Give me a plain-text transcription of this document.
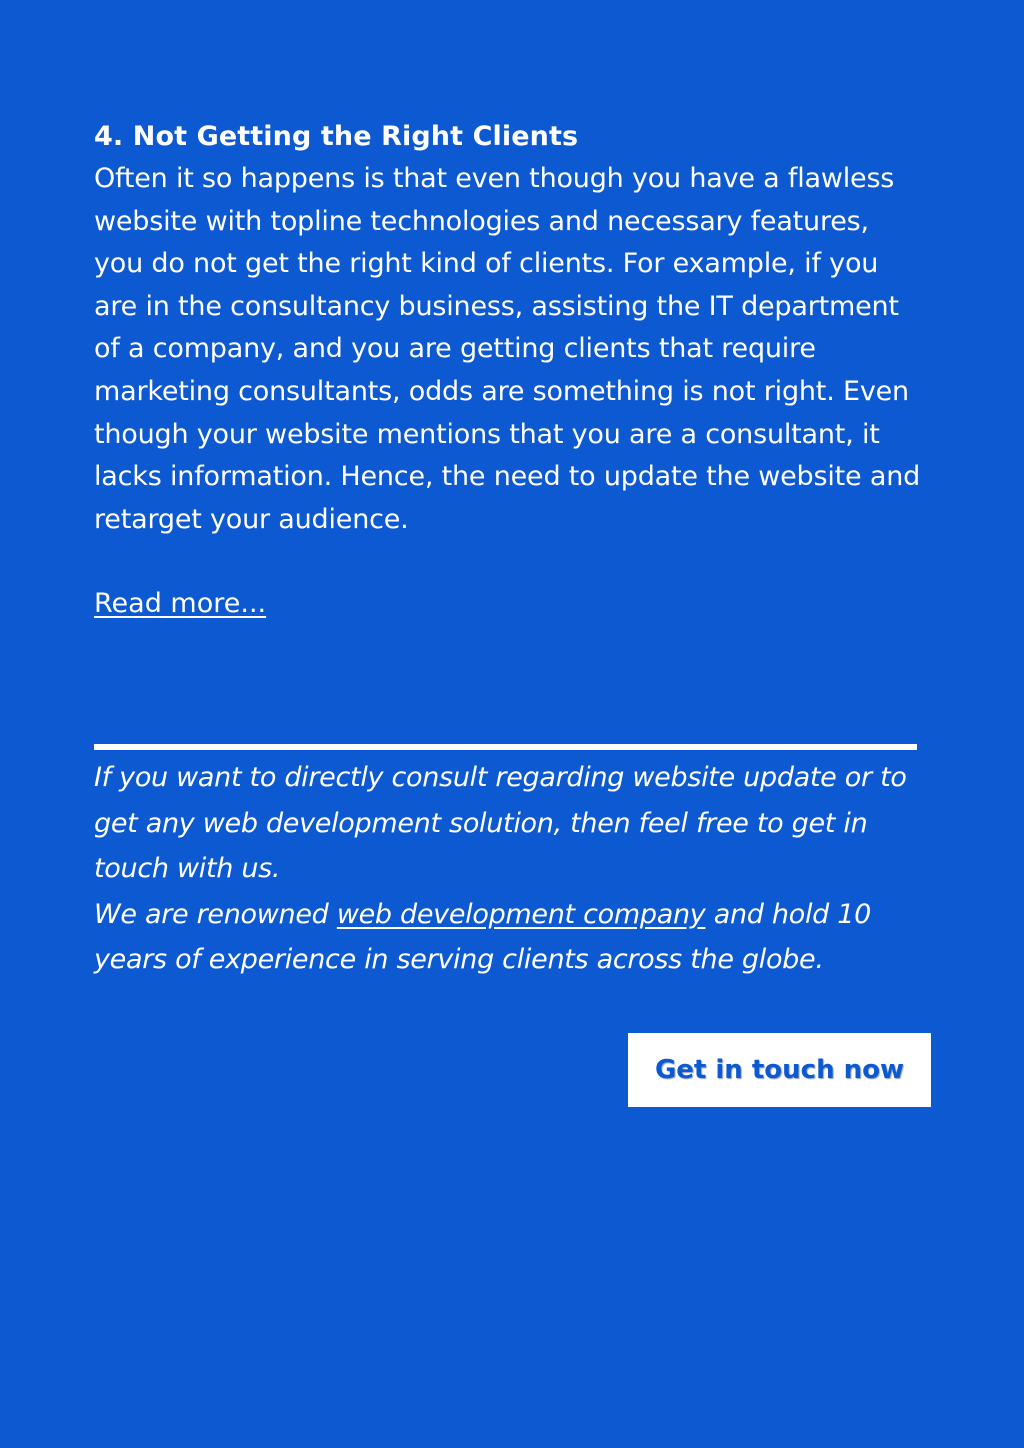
4. Not Getting the Right Clients

Often it so happens is that even though you have a flawless website with topline technologies and necessary features, you do not get the right kind of clients. For example, if you are in the consultancy business, assisting the IT department of a company, and you are getting clients that require marketing consultants, odds are something is not right. Even though your website mentions that you are a consultant, it lacks information. Hence, the need to update the website and retarget your audience.

Read more...

If you want to directly consult regarding website update or to get any web development solution, then feel free to get in touch with us.

We are renowned web development company and hold 10 years of experience in serving clients across the globe.

Get in touch now
